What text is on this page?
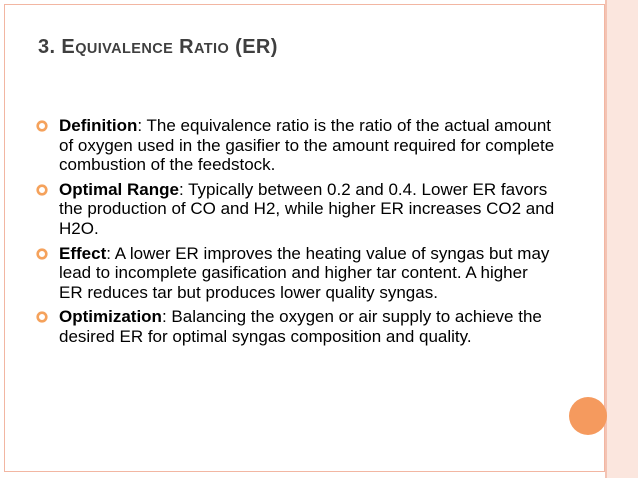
3. EQUIVALENCE RATIO (ER)
Definition: The equivalence ratio is the ratio of the actual amount of oxygen used in the gasifier to the amount required for complete combustion of the feedstock.
Optimal Range: Typically between 0.2 and 0.4. Lower ER favors the production of CO and H2, while higher ER increases CO2 and H2O.
Effect: A lower ER improves the heating value of syngas but may lead to incomplete gasification and higher tar content. A higher ER reduces tar but produces lower quality syngas.
Optimization: Balancing the oxygen or air supply to achieve the desired ER for optimal syngas composition and quality.
